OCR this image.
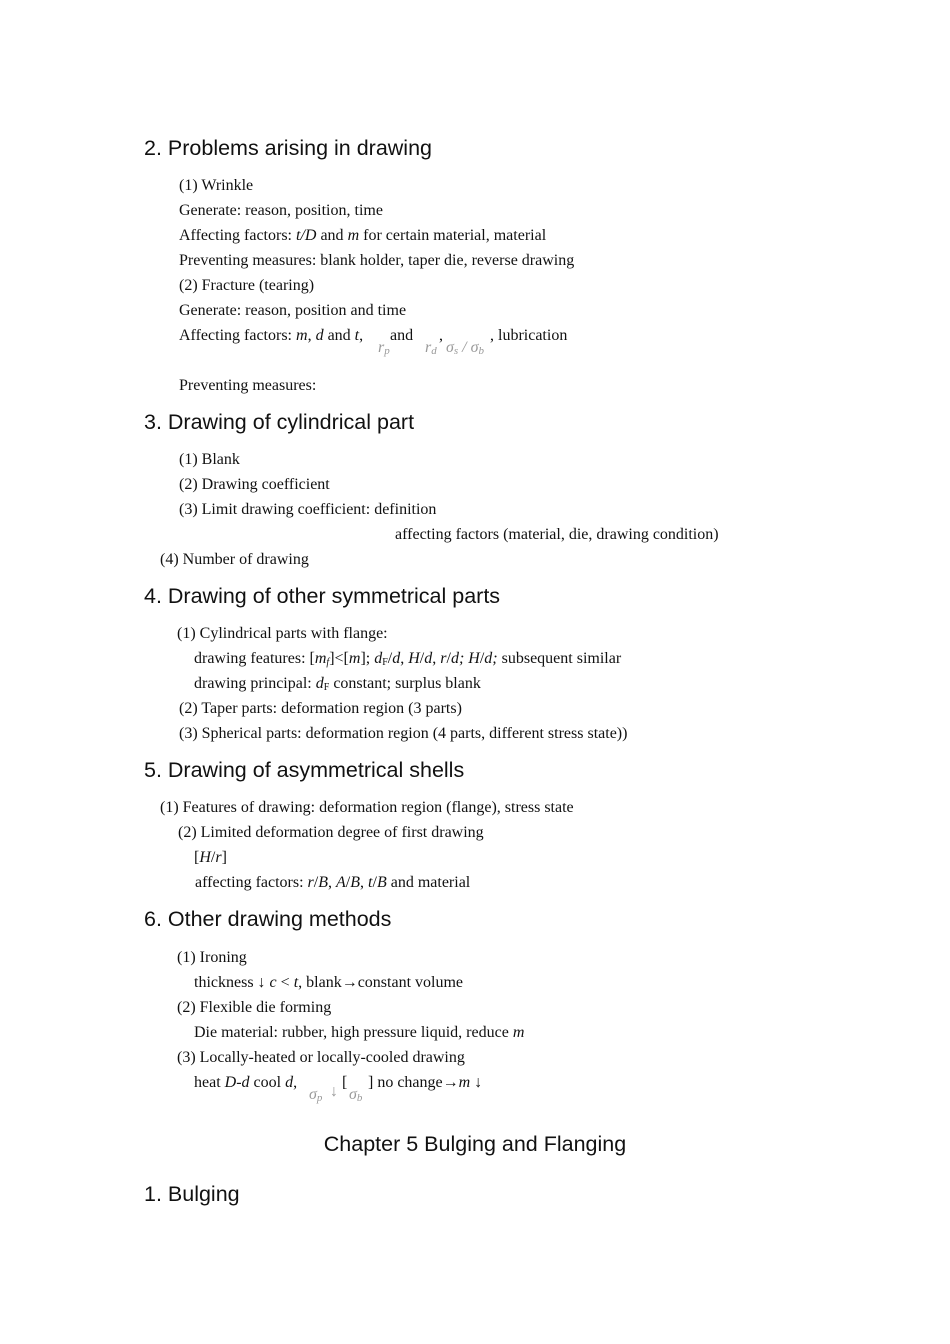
2. Problems arising in drawing
(1) Wrinkle
Generate: reason, position, time
Affecting factors: t/D and m for certain material, material
Preventing measures: blank holder, taper die, reverse drawing
(2) Fracture (tearing)
Generate: reason, position and time
Affecting factors: m, d and t,
rp
and
rd
,
σs / σb
, lubrication
Preventing measures:
3. Drawing of cylindrical part
(1) Blank
(2) Drawing coefficient
(3) Limit drawing coefficient: definition
affecting factors (material, die, drawing condition)
(4) Number of drawing
4. Drawing of other symmetrical parts
(1) Cylindrical parts with flange:
drawing features: $[m_f]<[m]$; $d_F/d$, H/d, r/d; H/d; subsequent similar
drawing principal: $d_F$ constant; surplus blank
(2) Taper parts: deformation region (3 parts)
(3) Spherical parts: deformation region (4 parts, different stress state))
5. Drawing of asymmetrical shells
(1) Features of drawing: deformation region (flange), stress state
(2) Limited deformation degree of first drawing
[H/r]
affecting factors: r/B, A/B, t/B and material
6. Other drawing methods
(1) Ironing
thickness ↓ c < t, blank→constant volume
(2) Flexible die forming
Die material: rubber, high pressure liquid, reduce m
(3) Locally-heated or locally-cooled drawing
heat D-d cool d,
σp ↓
[
σb
] no change→m ↓
Chapter 5 Bulging and Flanging
1. Bulging
